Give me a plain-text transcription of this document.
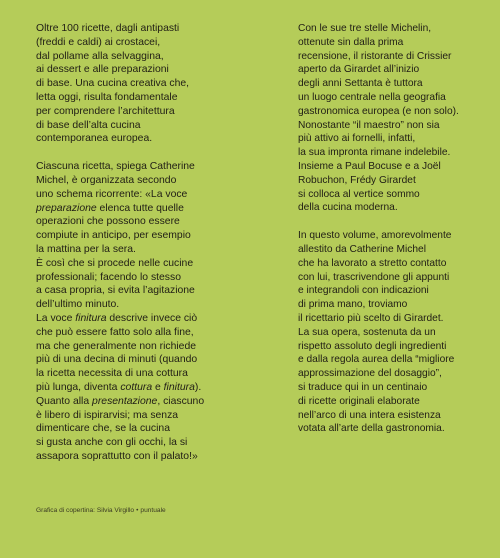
Oltre 100 ricette, dagli antipasti
(freddi e caldi) ai crostacei,
dal pollame alla selvaggina,
ai dessert e alle preparazioni
di base. Una cucina creativa che,
letta oggi, risulta fondamentale
per comprendere l’architettura
di base dell’alta cucina
contemporanea europea.
Ciascuna ricetta, spiega Catherine
Michel, è organizzata secondo
uno schema ricorrente: «La voce
preparazione elenca tutte quelle
operazioni che possono essere
compiute in anticipo, per esempio
la mattina per la sera.
È così che si procede nelle cucine
professionali; facendo lo stesso
a casa propria, si evita l’agitazione
dell’ultimo minuto.
La voce finitura descrive invece ciò
che può essere fatto solo alla fine,
ma che generalmente non richiede
più di una decina di minuti (quando
la ricetta necessita di una cottura
più lunga, diventa cottura e finitura).
Quanto alla presentazione, ciascuno
è libero di ispirarvisi; ma senza
dimenticare che, se la cucina
si gusta anche con gli occhi, la si
assapora soprattutto con il palato!»
Con le sue tre stelle Michelin,
ottenute sin dalla prima
recensione, il ristorante di Crissier
aperto da Girardet all’inizio
degli anni Settanta è tuttora
un luogo centrale nella geografia
gastronomica europea (e non solo).
Nonostante “il maestro” non sia
più attivo ai fornelli, infatti,
la sua impronta rimane indelebile.
Insieme a Paul Bocuse e a Joël
Robuchon, Frédy Girardet
si colloca al vertice sommo
della cucina moderna.
In questo volume, amorevolmente
allestito da Catherine Michel
che ha lavorato a stretto contatto
con lui, trascrivendone gli appunti
e integrandoli con indicazioni
di prima mano, troviamo
il ricettario più scelto di Girardet.
La sua opera, sostenuta da un
rispetto assoluto degli ingredienti
e dalla regola aurea della “migliore
approssimazione del dosaggio”,
si traduce qui in un centinaio
di ricette originali elaborate
nell’arco di una intera esistenza
votata all’arte della gastronomia.
Grafica di copertina: Silvia Virgillo • puntuale
